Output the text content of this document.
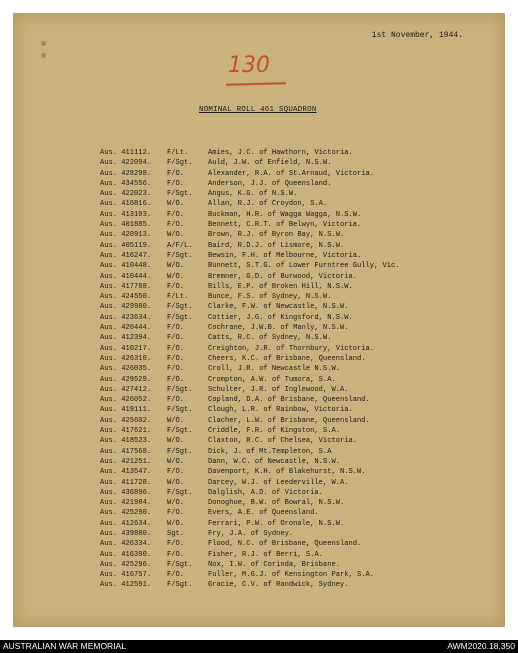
1st November, 1944.
130
NOMINAL ROLL 461 SQUADRON
Aus. 411112. F/Lt.	Amies, J.C. of Hawthorn, Victoria.
Aus. 422094. F/Sgt. Auld, J.W. of Enfield, N.S.W.
Aus. 428298. F/O.	Alexander, R.A. of St.Arnaud, Victoria.
Aus. 434556. F/O.	Anderson, J.J. of Queensland.
Aus. 422023. F/Sgt. Angus, K.G. of N.S.W.
Aus. 416816. W/O.	Allan, R.J. of Croydon, S.A.
Aus. 413103. F/O.	Buckman, H.R. of Wagga Wagga, N.S.W.
Aus. 401885. F/O.	Bennett, C.R.T. of Belwyn, Victoria.
Aus. 420913. W/O.	Brown, R.J. of Byron Bay, N.S.W.
Aus. 405119. A/F/L. Baird, R.D.J. of Lismore, N.S.W.
Aus. 416247. F/Sgt. Bewsin, F.H. of Melbourne, Victoria.
Aus. 410448. W/O.	Bunnett, S.T.G. of Lower Furntree Gully, Vic.
Aus. 410444. W/O.	Bremner, G.D. of Burwood, Victoria.
Aus. 417788. F/O.	Bills, E.P. of Broken Hill, N.S.W.
Aus. 424550. F/Lt.	Bunce, F.S. of Sydney, N.S.W.
Aus. 429980. F/Sgt. Clarke, F.W. of Newcastle, N.S.W.
Aus. 423634. F/Sgt. Cottier, J.G. of Kingsford, N.S.W.
Aus. 420444. F/O.	Cochrane, J.W.B. of Manly, N.S.W.
Aus. 412394. F/O.	Catts, R.C. of Sydney, N.S.W.
Aus. 410217. F/O.	Creighton, J.R. of Thornbury, Victoria.
Aus. 426310. F/O.	Cheers, K.C. of Brisbane, Queensland.
Aus. 426035. F/O.	Croll, J.R. of Newcastle N.S.W.
Aus. 429529. F/O.	Crompton, A.W. of Tumora, S.A.
Aus. 427412. F/Sgt. Schulter, J.R. of Inglewood, W.A.
Aus. 426052. F/O.	Copland, D.A. of Brisbane, Queensland.
Aus. 419111. F/Sgt. Clough, L.R. of Rainbow, Victoria.
Aus. 425602. W/O.	Clacher, L.W. of Brisbane, Queensland.
Aus. 417621. F/Sgt. Criddle, F.R. of Kingston, S.A.
Aus. 418523. W/O.	Claxton, R.C. of Chelsea, Victoria.
Aus. 417568. F/Sgt. Dick, J. of Mt.Templeton, S.A
Aus. 421251. W/O.	Dann, W.C. of Newcastle, N.S.W.
Aus. 413547. F/O.	Davenport, K.H. of Blakehurst, N.S.W.
Aus. 411728. W/O.	Darcey, W.J. of Leederville, W.A.
Aus. 436896. F/Sgt. Dalglish, A.D. of Victoria.
Aus. 421984. W/O.	Donoghue, B.W. of Bowral, N.S.W.
Aus. 425290. F/O.	Evers, A.E. of Queensland.
Aus. 412634. W/O.	Ferrari, P.W. of Oronale, N.S.W.
Aus. 439880. Sgt.	Fry, J.A. of Sydney.
Aus. 426334. F/O.	Flood, N.C. of Brisbane, Queensland.
Aus. 416390. F/O.	Fisher, R.J. of Berri, S.A.
Aus. 425296. F/Sgt. Nox, I.W. of Corinda, Brisbane.
Aus. 416757. F/O.	Fuller, M.G.J. of Kensington Park, S.A.
Aus. 412591. F/Sgt. Gracie, C.V. of Randwick, Sydney.
AUSTRALIAN WAR MEMORIAL	AWM2020.18.350
